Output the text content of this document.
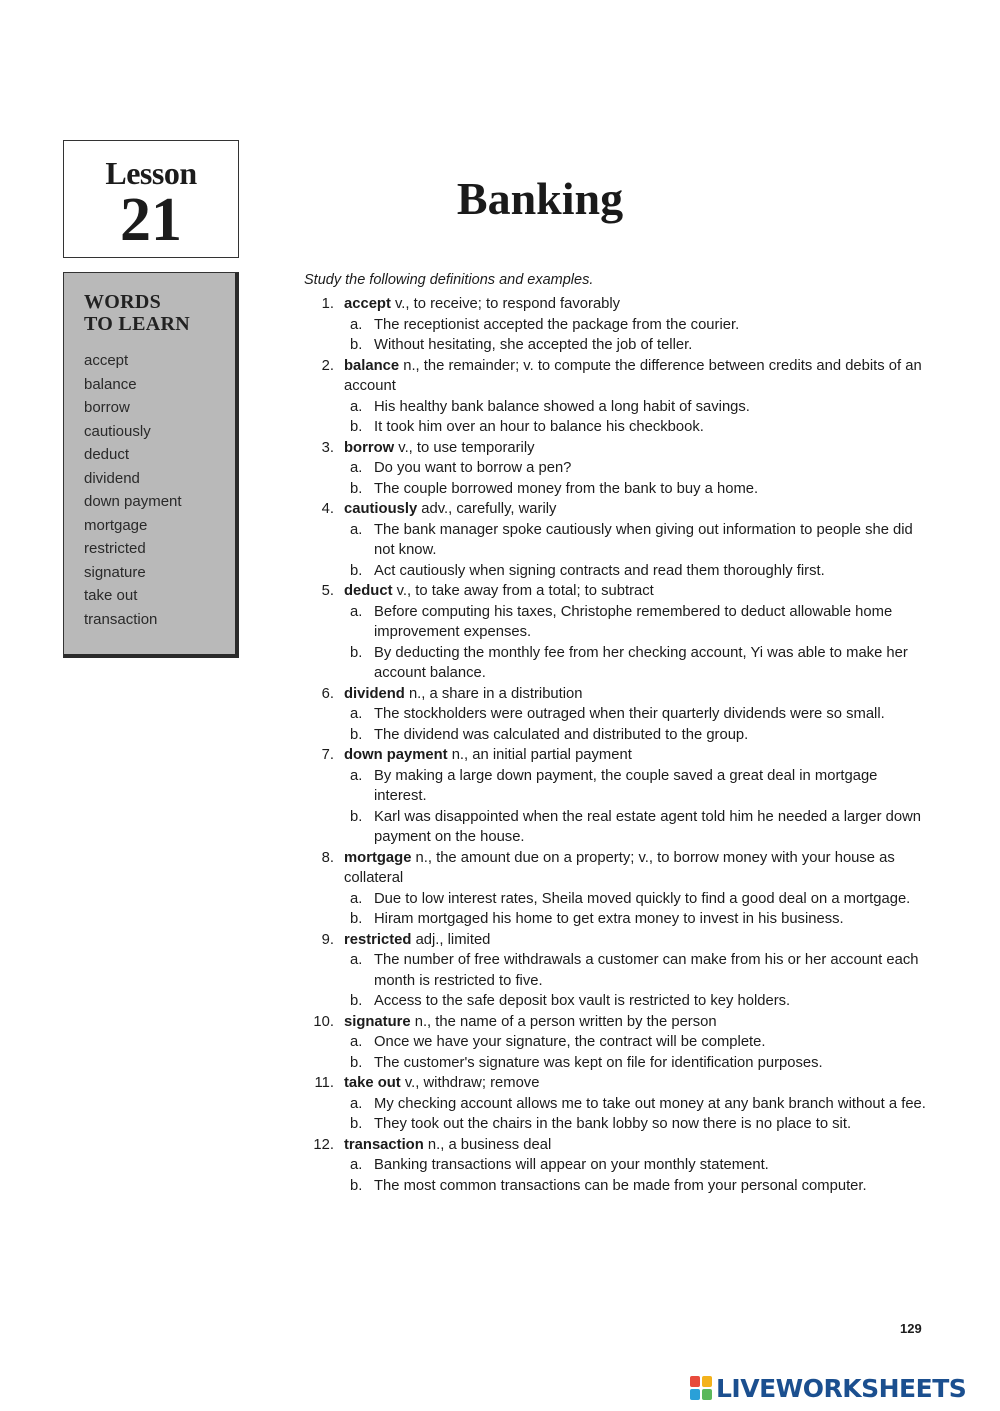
Lesson
21
WORDS
TO LEARN
accept
balance
borrow
cautiously
deduct
dividend
down payment
mortgage
restricted
signature
take out
transaction
Banking
Study the following definitions and examples.
1. accept v., to receive; to respond favorably
a. The receptionist accepted the package from the courier.
b. Without hesitating, she accepted the job of teller.
2. balance n., the remainder; v. to compute the difference between credits and debits of an account
a. His healthy bank balance showed a long habit of savings.
b. It took him over an hour to balance his checkbook.
3. borrow v., to use temporarily
a. Do you want to borrow a pen?
b. The couple borrowed money from the bank to buy a home.
4. cautiously adv., carefully, warily
a. The bank manager spoke cautiously when giving out information to people she did not know.
b. Act cautiously when signing contracts and read them thoroughly first.
5. deduct v., to take away from a total; to subtract
a. Before computing his taxes, Christophe remembered to deduct allowable home improvement expenses.
b. By deducting the monthly fee from her checking account, Yi was able to make her account balance.
6. dividend n., a share in a distribution
a. The stockholders were outraged when their quarterly dividends were so small.
b. The dividend was calculated and distributed to the group.
7. down payment n., an initial partial payment
a. By making a large down payment, the couple saved a great deal in mortgage interest.
b. Karl was disappointed when the real estate agent told him he needed a larger down payment on the house.
8. mortgage n., the amount due on a property; v., to borrow money with your house as collateral
a. Due to low interest rates, Sheila moved quickly to find a good deal on a mortgage.
b. Hiram mortgaged his home to get extra money to invest in his business.
9. restricted adj., limited
a. The number of free withdrawals a customer can make from his or her account each month is restricted to five.
b. Access to the safe deposit box vault is restricted to key holders.
10. signature n., the name of a person written by the person
a. Once we have your signature, the contract will be complete.
b. The customer's signature was kept on file for identification purposes.
11. take out v., withdraw; remove
a. My checking account allows me to take out money at any bank branch without a fee.
b. They took out the chairs in the bank lobby so now there is no place to sit.
12. transaction n., a business deal
a. Banking transactions will appear on your monthly statement.
b. The most common transactions can be made from your personal computer.
129
LIVEWORKSHEETS
